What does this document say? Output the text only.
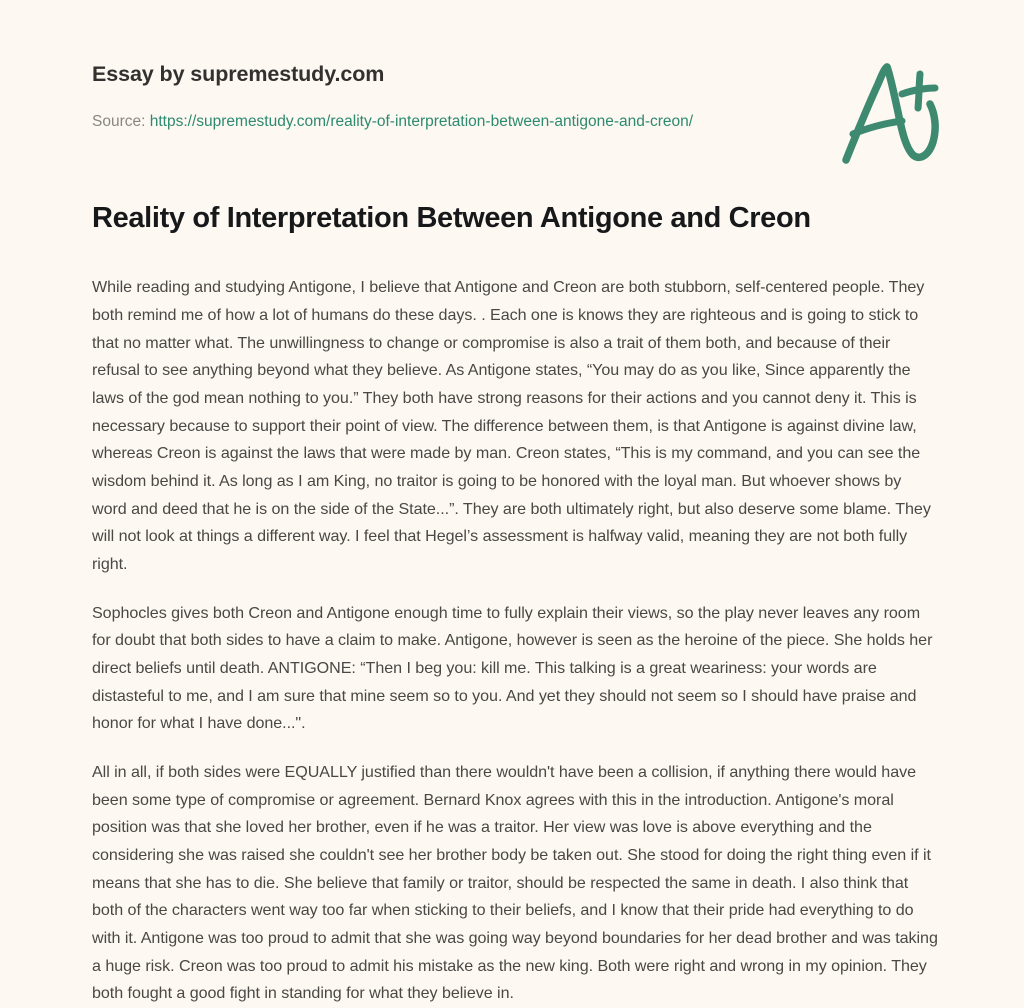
Essay by supremestudy.com
Source: https://supremestudy.com/reality-of-interpretation-between-antigone-and-creon/
Reality of Interpretation Between Antigone and Creon

While reading and studying Antigone, I believe that Antigone and Creon are both stubborn, self-centered people. They both remind me of how a lot of humans do these days. . Each one is knows they are righteous and is going to stick to that no matter what. The unwillingness to change or compromise is also a trait of them both, and because of their refusal to see anything beyond what they believe. As Antigone states, “You may do as you like, Since apparently the laws of the god mean nothing to you.” They both have strong reasons for their actions and you cannot deny it. This is necessary because to support their point of view. The difference between them, is that Antigone is against divine law, whereas Creon is against the laws that were made by man. Creon states, “This is my command, and you can see the wisdom behind it. As long as I am King, no traitor is going to be honored with the loyal man. But whoever shows by word and deed that he is on the side of the State...”. They are both ultimately right, but also deserve some blame. They will not look at things a different way. I feel that Hegel’s assessment is halfway valid, meaning they are not both fully right.

Sophocles gives both Creon and Antigone enough time to fully explain their views, so the play never leaves any room for doubt that both sides to have a claim to make. Antigone, however is seen as the heroine of the piece. She holds her direct beliefs until death. ANTIGONE: “Then I beg you: kill me. This talking is a great weariness: your words are distasteful to me, and I am sure that mine seem so to you. And yet they should not seem so I should have praise and honor for what I have done...".

All in all, if both sides were EQUALLY justified than there wouldn't have been a collision, if anything there would have been some type of compromise or agreement. Bernard Knox agrees with this in the introduction. Antigone's moral position was that she loved her brother, even if he was a traitor. Her view was love is above everything and the considering she was raised she couldn't see her brother body be taken out. She stood for doing the right thing even if it means that she has to die. She believe that family or traitor, should be respected the same in death. I also think that both of the characters went way too far when sticking to their beliefs, and I know that their pride had everything to do with it. Antigone was too proud to admit that she was going way beyond boundaries for her dead brother and was taking a huge risk. Creon was too proud to admit his mistake as the new king. Both were right and wrong in my opinion. They both fought a good fight in standing for what they believe in.
